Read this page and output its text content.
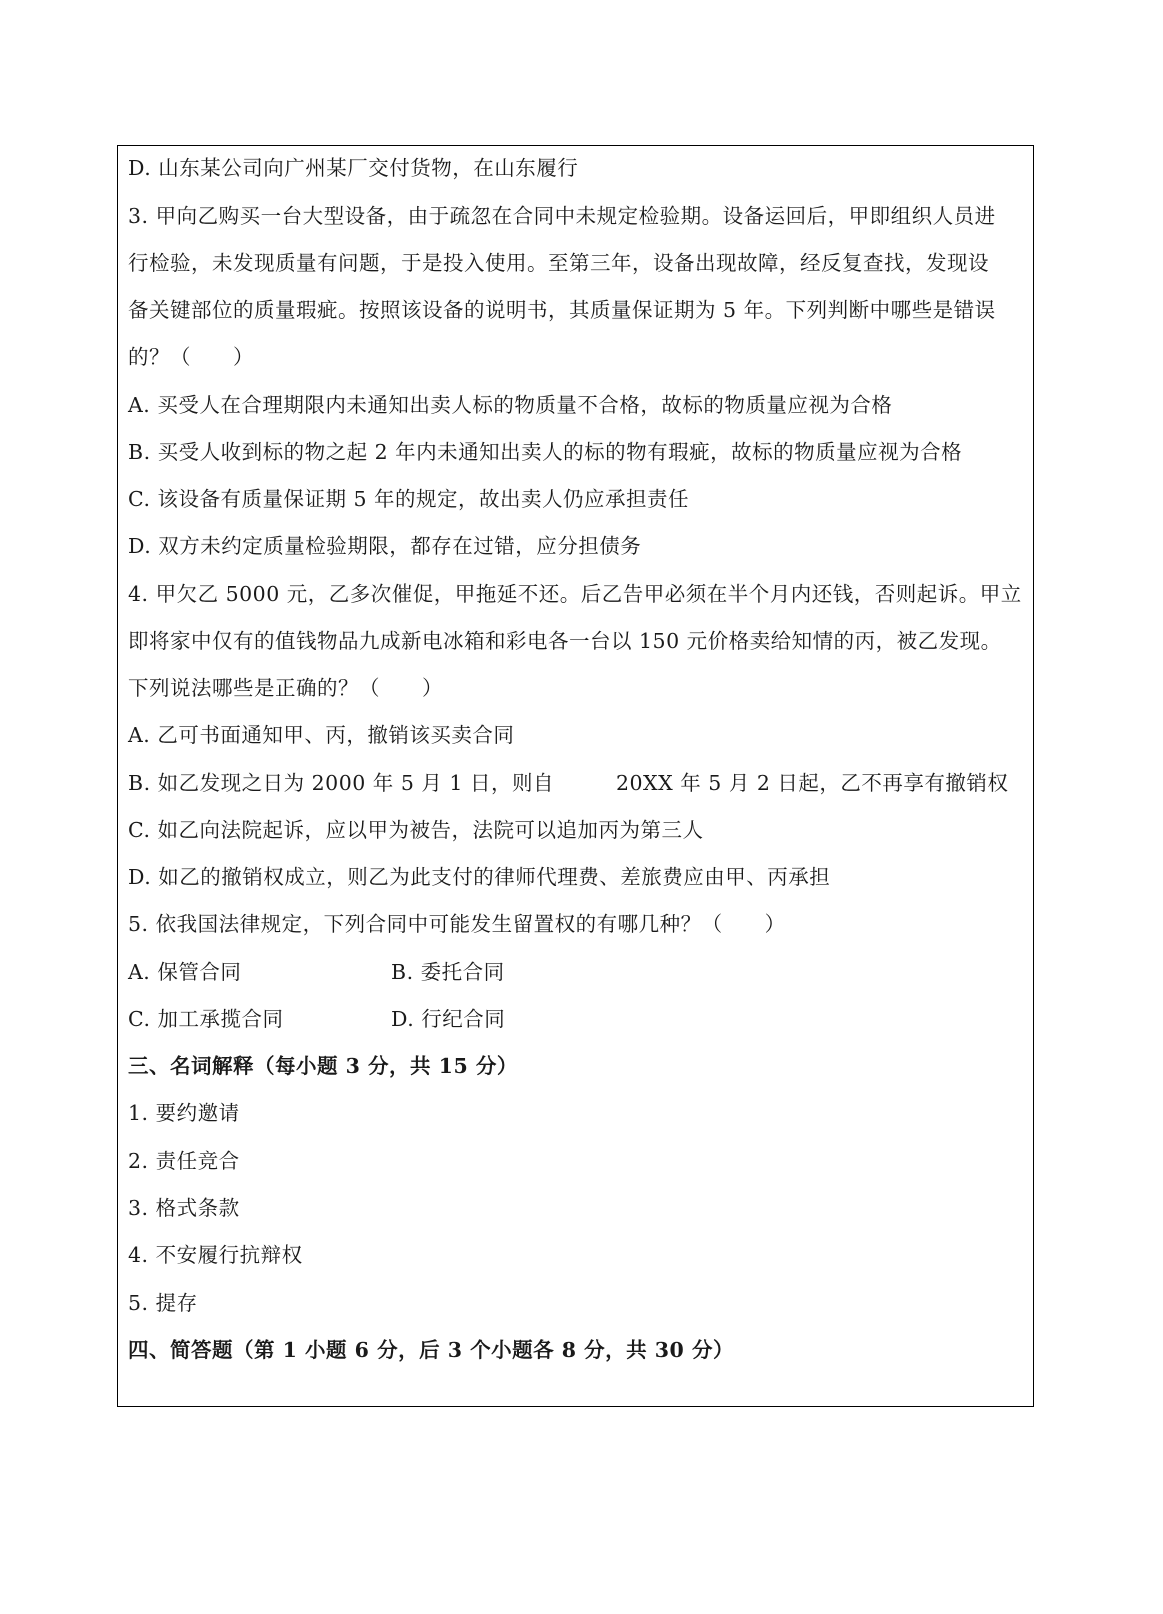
D. 山东某公司向广州某厂交付货物，在山东履行
3. 甲向乙购买一台大型设备，由于疏忽在合同中未规定检验期。设备运回后，甲即组织人员进
行检验，未发现质量有问题，于是投入使用。至第三年，设备出现故障，经反复查找，发现设
备关键部位的质量瑕疵。按照该设备的说明书，其质量保证期为 5 年。下列判断中哪些是错误
的？（　　）
A. 买受人在合理期限内未通知出卖人标的物质量不合格，故标的物质量应视为合格
B. 买受人收到标的物之起 2 年内未通知出卖人的标的物有瑕疵，故标的物质量应视为合格
C. 该设备有质量保证期 5 年的规定，故出卖人仍应承担责任
D. 双方未约定质量检验期限，都存在过错，应分担债务
4. 甲欠乙 5000 元，乙多次催促，甲拖延不还。后乙告甲必须在半个月内还钱，否则起诉。甲立
即将家中仅有的值钱物品九成新电冰箱和彩电各一台以 150 元价格卖给知情的丙，被乙发现。
下列说法哪些是正确的？（　　）
A. 乙可书面通知甲、丙，撤销该买卖合同
B. 如乙发现之日为 2000 年 5 月 1 日，则自	20XX 年 5 月 2 日起，乙不再享有撤销权
C. 如乙向法院起诉，应以甲为被告，法院可以追加丙为第三人
D. 如乙的撤销权成立，则乙为此支付的律师代理费、差旅费应由甲、丙承担
5. 依我国法律规定，下列合同中可能发生留置权的有哪几种？（　　）
A. 保管合同	B. 委托合同
C. 加工承揽合同	D. 行纪合同
三、名词解释（每小题 3 分，共 15 分）
1. 要约邀请
2. 责任竞合
3. 格式条款
4. 不安履行抗辩权
5. 提存
四、简答题（第 1 小题 6 分，后 3 个小题各 8 分，共 30 分）
